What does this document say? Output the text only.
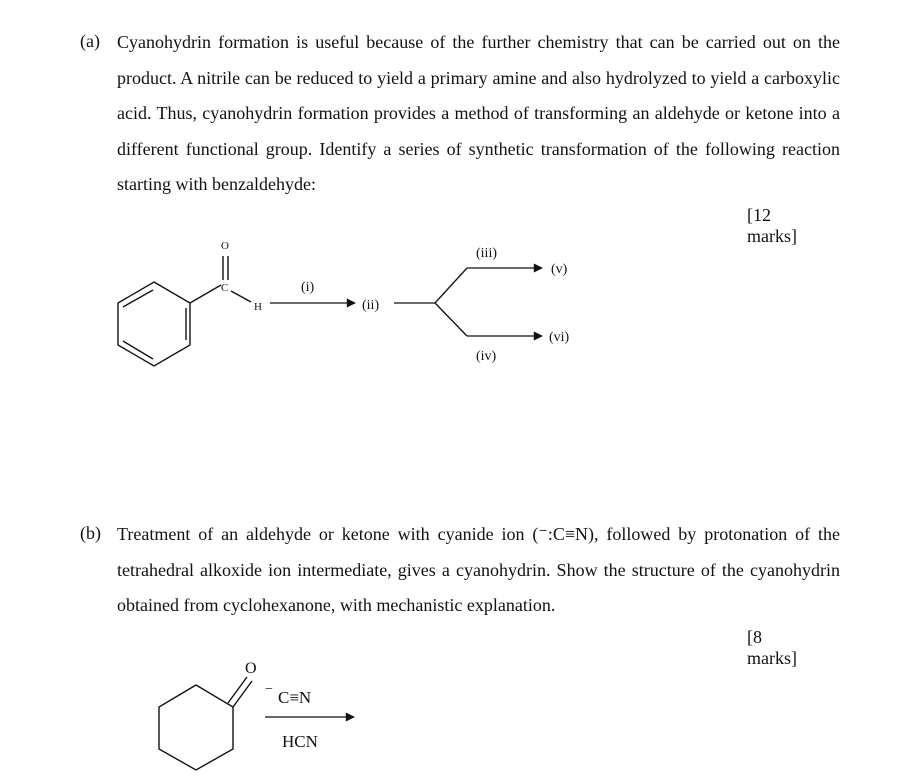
(a) Cyanohydrin formation is useful because of the further chemistry that can be carried out on the product. A nitrile can be reduced to yield a primary amine and also hydrolyzed to yield a carboxylic acid. Thus, cyanohydrin formation provides a method of transforming an aldehyde or ketone into a different functional group. Identify a series of synthetic transformation of the following reaction starting with benzaldehyde:

[12 marks]
O
C
H
(i)
(ii)
(iii)
(iv)
(v)
(vi)
(b) Treatment of an aldehyde or ketone with cyanide ion (⁻:C≡N), followed by protonation of the tetrahedral alkoxide ion intermediate, gives a cyanohydrin. Show the structure of the cyanohydrin obtained from cyclohexanone, with mechanistic explanation.

[8 marks]
O
− C≡N
HCN
